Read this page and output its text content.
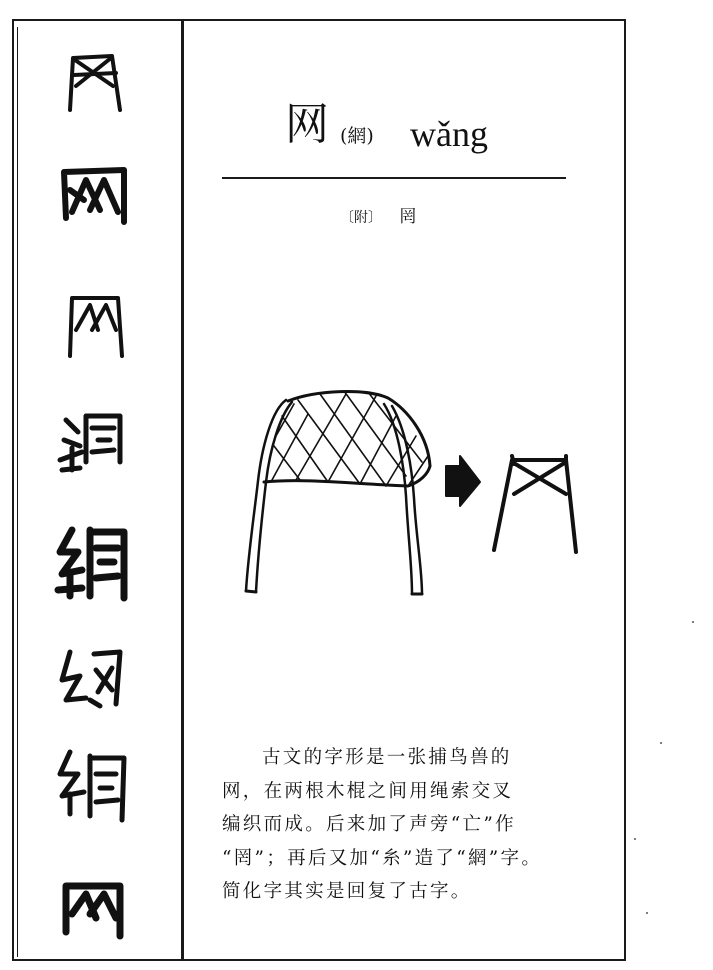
网 (網) wǎng
〔附〕 罔

古文的字形是一张捕鸟兽的

网，在两根木棍之间用绳索交叉

编织而成。后来加了声旁“亡”作

“罔”；再后又加“糸”造了“網”字。

简化字其实是回复了古字。
